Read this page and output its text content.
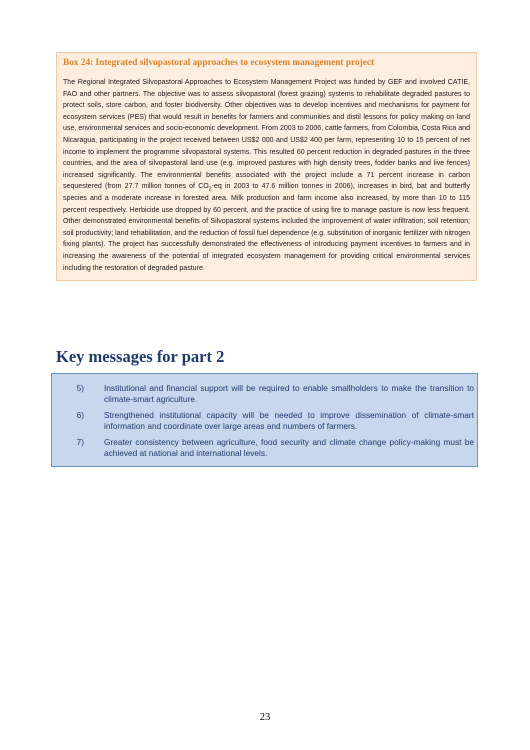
Box 24: Integrated silvopastoral approaches to ecosystem management project

The Regional Integrated Silvopastoral Approaches to Ecosystem Management Project was funded by GEF and involved CATIE, FAO and other partners. The objective was to assess silvopastoral (forest grazing) systems to rehabilitate degraded pastures to protect soils, store carbon, and foster biodiversity. Other objectives was to develop incentives and mechanisms for payment for ecosystem services (PES) that would result in benefits for farmers and communities and distil lessons for policy making on land use, environmental services and socio-economic development. From 2003 to 2006, cattle farmers, from Colombia, Costa Rica and Nicaragua, participating in the project received between US$2 000 and US$2 400 per farm, representing 10 to 15 percent of net income to implement the programme silvopastoral systems. This resulted 60 percent reduction in degraded pastures in the three countries, and the area of silvopastoral land use (e.g. improved pastures with high density trees, fodder banks and live fences) increased significantly. The environmental benefits associated with the project include a 71 percent increase in carbon sequestered (from 27.7 million tonnes of $CO_2-eq$ in 2003 to 47.6 million tonnes in 2006), increases in bird, bat and butterfly species and a moderate increase in forested area. Milk production and farm income also increased, by more than 10 to 115 percent respectively. Herbicide use dropped by 60 percent, and the practice of using fire to manage pasture is now less frequent. Other demonstrated environmental benefits of Silvopastoral systems included the improvement of water infiltration; soil retention; soil productivity; land rehabilitation, and the reduction of fossil fuel dependence (e.g. substitution of inorganic fertilizer with nitrogen fixing plants). The project has successfully demonstrated the effectiveness of introducing payment incentives to farmers and in increasing the awareness of the potential of integrated ecosystem management for providing critical environmental services including the restoration of degraded pasture.

Key messages for part 2
5) Institutional and financial support will be required to enable smallholders to make the transition to climate-smart agriculture.
6) Strengthened institutional capacity will be needed to improve dissemination of climate-smart information and coordinate over large areas and numbers of farmers.
7) Greater consistency between agriculture, food security and climate change policy-making must be achieved at national and international levels.
23
